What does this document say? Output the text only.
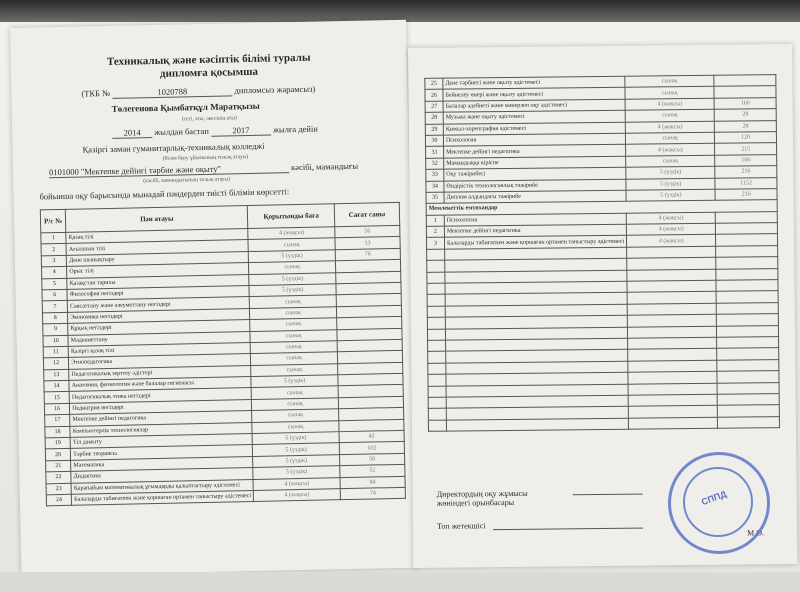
Техникалық және кәсіптік білімі туралы
дипломға қосымша
(ТКБ №	1020788	дипломсыз жарамсыз)
Төлегенова Қымбатқұл Маратқызы
(тегі, аты, әкесінің аты)
2014 жылдан бастап	2017	жылға дейін
Қазіргі заман гуманитарлық-техникалық колледжі
(білім беру ұйымының толық атауы)
0101000 "Мектепке дейінгі тәрбие және оқыту"	кәсібі, мамандығы
(кәсібі, мамандығының толық атауы)
бойынша оқу барысында мынадай пәндерден тиісті білімін көрсетті:
Р/с №	Пән атауы	Қорытынды баға	Сағат саны
1	Қазақ тілі	4 (жақсы)	56
2	Ағылшын тілі	сынақ	13
3	Дене шынықтыру	5 (үздік)	76
4	Орыс тілі	сынақ	
5	Қазақстан тарихы	5 (үздік)	
6	Философия негіздері	5 (үздік)	
7	Саясаттану және әлеуметтану негіздері	сынақ	
8	Экономика негіздері	сынақ	
9	Құқық негіздері	сынақ	
10	Мәдениеттану	сынақ	
11	Қазіргі қазақ тілі	сынақ	
12	Этнопедагогика	сынақ	
13	Педагогикалық зерттеу әдістері	сынақ	
14	Анатомия, физиология және балалар гигиенасы	5 (үздік)	
15	Педагогикалық этика негіздері	сынақ	
16	Педиатрия негіздері	сынақ	
17	Мектепке дейінгі педагогика	сынақ	
18	Компьютерлік технологиялар	сынақ	
19	Тіл дамыту	5 (үздік)	42
20	Тәрбие теориясы	5 (үздік)	102
21	Математика	5 (үздік)	50
22	Дидактика	5 (үздік)	52
23	Қарапайым математикалық ұғымдарды қалыптастыру әдістемесі	4 (жақсы)	84
24	Балаларды табиғатпен және қоршаған ортамен таныстыру әдістемесі	4 (жақсы)	74
25	Дене тәрбиесі және оқыту әдістемесі	сынақ	
26	Бейнелеу өнері және оқыту әдістемесі	сынақ	
27	Балалар әдебиеті және мәнерлеп оқу әдістемесі	4 (жақсы)	160
28	Музыка және оқыту әдістемесі	сынақ	28
29	Қимыл-хореография әдістемесі	4 (жақсы)	28
30	Психология	сынақ	120
31	Мектепке дейінгі педагогика	4 (жақсы)	215
32	Мамандыққа кіріспе	сынақ	100
33	Оқу тәжірибесі	5 (үздік)	216
34	Өндірістік технологиялық тәжірибе	5 (үздік)	1152
35	Диплом алдындағы тәжірибе	5 (үздік)	216
Мемлекеттік емтихандар			
1	Психология	4 (жақсы)	
2	Мектепке дейінгі педагогика	4 (жақсы)	
3	Балаларды табиғатпен және қоршаған ортамен таныстыру әдістемесі	4 (жақсы)	

Директордың оқу жұмысы
жөніндегі орынбасары
Топ жетекшісі
М.О.
СППД
